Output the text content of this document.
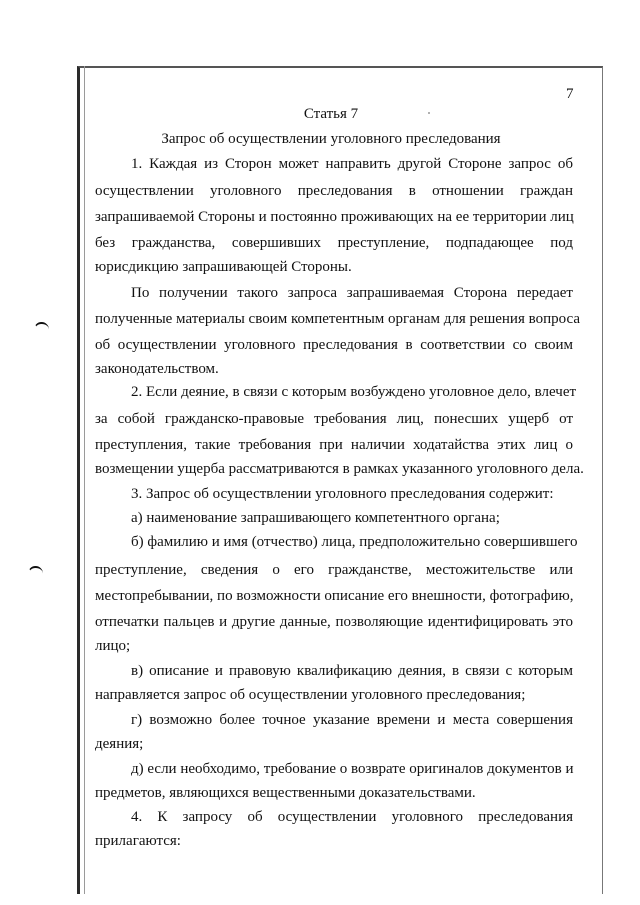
7
Статья 7
Запрос об осуществлении уголовного преследования
1. Каждая из Сторон может направить другой Стороне запрос об
осуществлении уголовного преследования в отношении граждан
запрашиваемой Стороны и постоянно проживающих на ее территории лиц
без гражданства, совершивших преступление, подпадающее под
юрисдикцию запрашивающей Стороны.
По получении такого запроса запрашиваемая Сторона передает
полученные материалы своим компетентным органам для решения вопроса
об осуществлении уголовного преследования в соответствии со своим
законодательством.
2. Если деяние, в связи с которым возбуждено уголовное дело, влечет
за собой гражданско-правовые требования лиц, понесших ущерб от
преступления, такие требования при наличии ходатайства этих лиц о
возмещении ущерба рассматриваются в рамках указанного уголовного дела.
3. Запрос об осуществлении уголовного преследования содержит:
а) наименование запрашивающего компетентного органа;
б) фамилию и имя (отчество) лица, предположительно совершившего
преступление, сведения о его гражданстве, местожительстве или
местопребывании, по возможности описание его внешности, фотографию,
отпечатки пальцев и другие данные, позволяющие идентифицировать это
лицо;
в) описание и правовую квалификацию деяния, в связи с которым
направляется запрос об осуществлении уголовного преследования;
г) возможно более точное указание времени и места совершения
деяния;
д) если необходимо, требование о возврате оригиналов документов и
предметов, являющихся вещественными доказательствами.
4. К запросу об осуществлении уголовного преследования
прилагаются:
